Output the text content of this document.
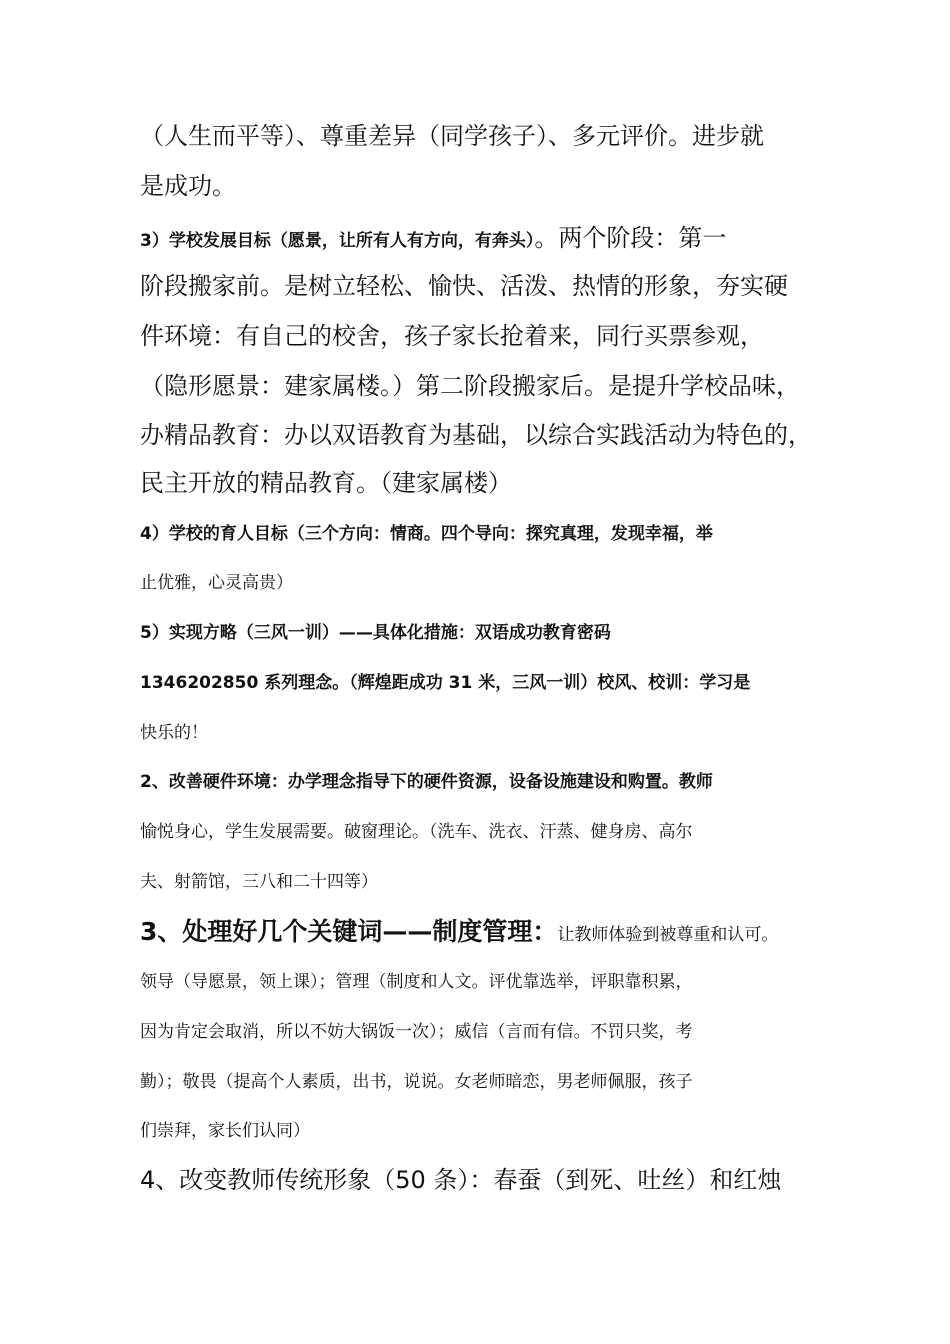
（人生而平等）、尊重差异（同学孩子）、多元评价。进步就
是成功。
3）学校发展目标（愿景，让所有人有方向，有奔头）。两个阶段：第一
阶段搬家前。是树立轻松、愉快、活泼、热情的形象，夯实硬
件环境：有自己的校舍，孩子家长抢着来，同行买票参观，
（隐形愿景：建家属楼。）第二阶段搬家后。是提升学校品味，
办精品教育：办以双语教育为基础，以综合实践活动为特色的，
民主开放的精品教育。（建家属楼）
4）学校的育人目标（三个方向：情商。四个导向：探究真理，发现幸福，举
止优雅，心灵高贵）
5）实现方略（三风一训）——具体化措施：双语成功教育密码
1346202850 系列理念。（辉煌距成功 31 米，三风一训）校风、校训：学习是
快乐的！
2、改善硬件环境：办学理念指导下的硬件资源，设备设施建设和购置。教师
愉悦身心，学生发展需要。破窗理论。（洗车、洗衣、汗蒸、健身房、高尔
夫、射箭馆，三八和二十四等）
3、处理好几个关键词——制度管理：让教师体验到被尊重和认可。
领导（导愿景，领上课）；管理（制度和人文。评优靠选举，评职靠积累，
因为肯定会取消，所以不妨大锅饭一次）；威信（言而有信。不罚只奖，考
勤）；敬畏（提高个人素质，出书，说说。女老师暗恋，男老师佩服，孩子
们崇拜，家长们认同）
4、改变教师传统形象（50 条）：春蚕（到死、吐丝）和红烛
